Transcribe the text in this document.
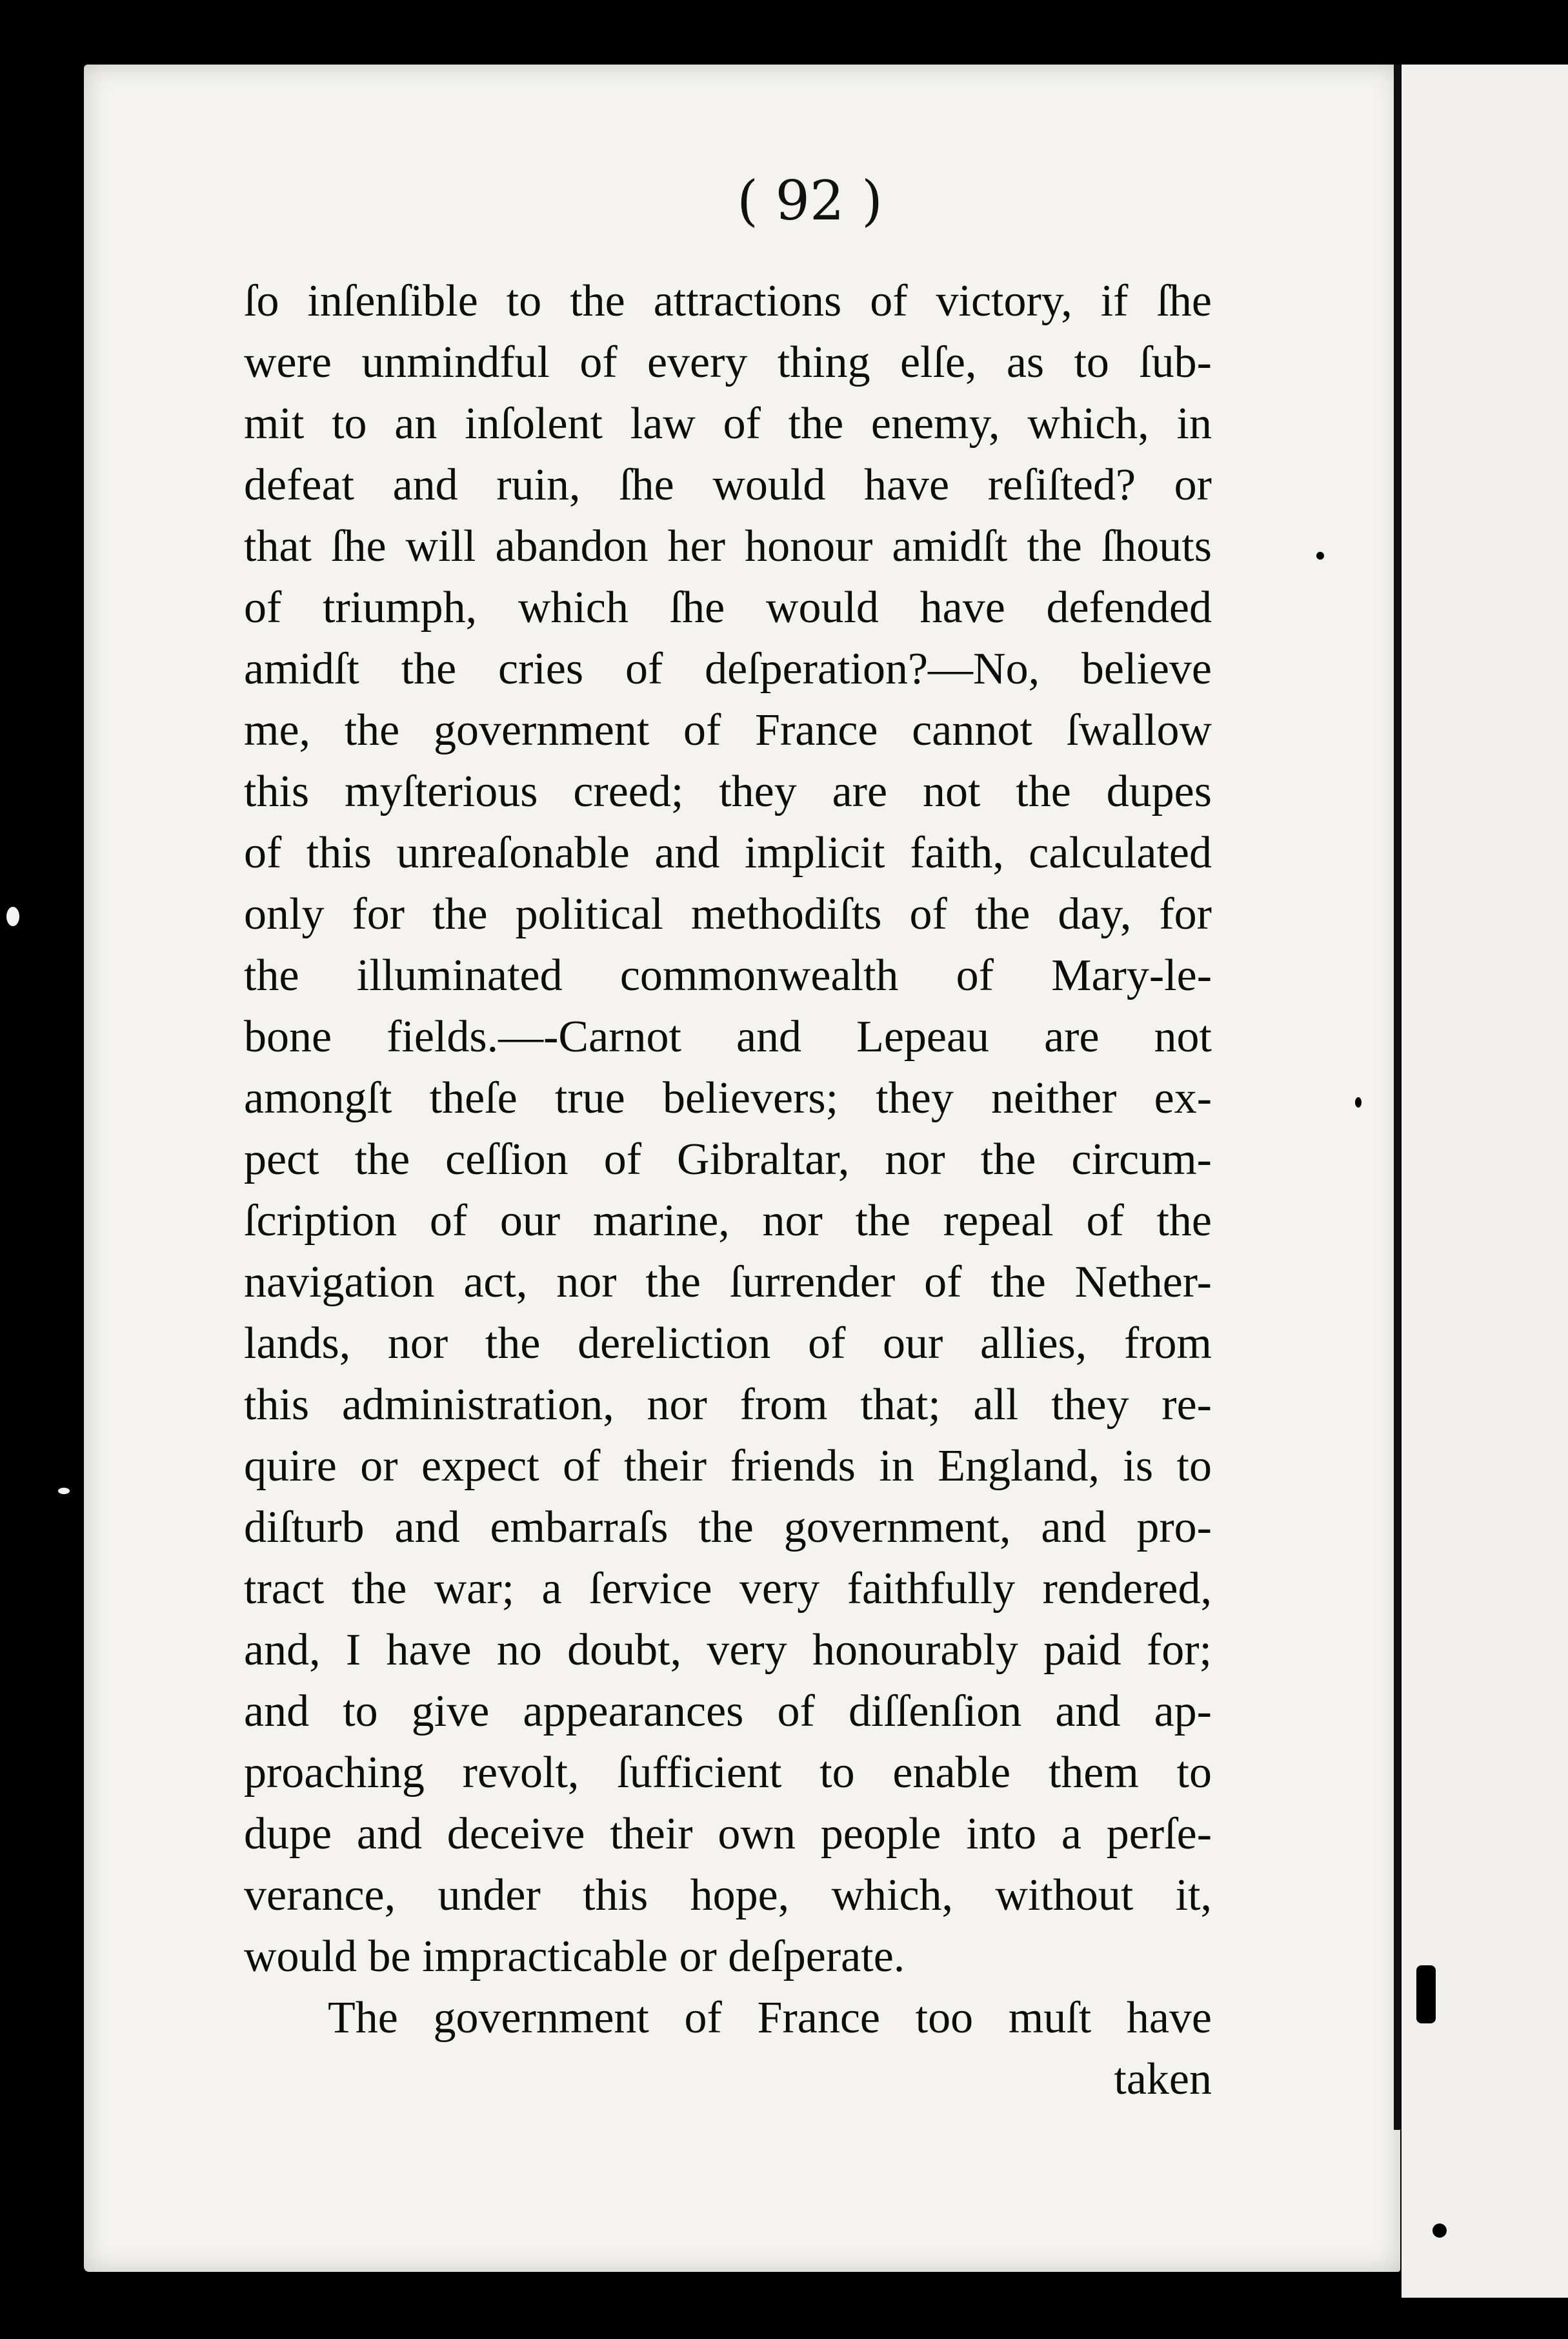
( 92 )
ſo inſenſible to the attractions of victory, if ſhe
were unmindful of every thing elſe, as to ſub-
mit to an inſolent law of the enemy, which, in
defeat and ruin, ſhe would have reſiſted? or
that ſhe will abandon her honour amidſt the ſhouts
of triumph, which ſhe would have defended
amidſt the cries of deſperation?—No, believe
me, the government of France cannot ſwallow
this myſterious creed; they are not the dupes
of this unreaſonable and implicit faith, calculated
only for the political methodiſts of the day, for
the illuminated commonwealth of Mary-le-
bone fields.—-Carnot and Lepeau are not
amongſt theſe true believers; they neither ex-
pect the ceſſion of Gibraltar, nor the circum-
ſcription of our marine, nor the repeal of the
navigation act, nor the ſurrender of the Nether-
lands, nor the dereliction of our allies, from
this administration, nor from that; all they re-
quire or expect of their friends in England, is to
diſturb and embarraſs the government, and pro-
tract the war; a ſervice very faithfully rendered,
and, I have no doubt, very honourably paid for;
and to give appearances of diſſenſion and ap-
proaching revolt, ſufficient to enable them to
dupe and deceive their own people into a perſe-
verance, under this hope, which, without it,
would be impracticable or deſperate.
The government of France too muſt have
taken
